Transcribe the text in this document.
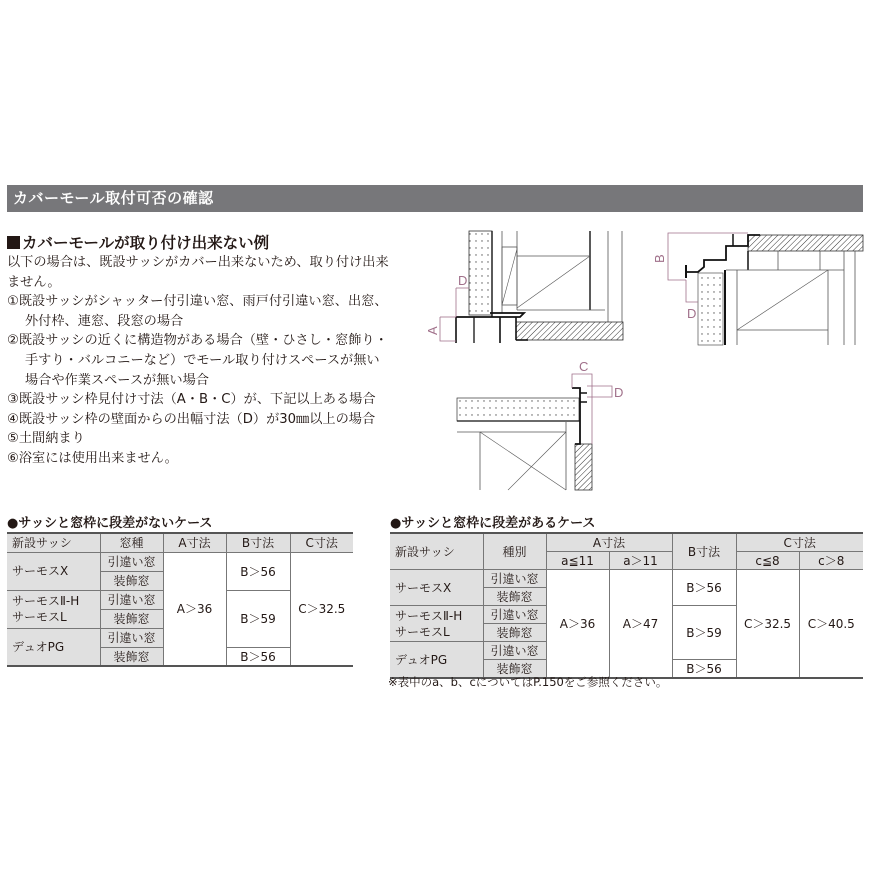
カバーモール取付可否の確認
カバーモールが取り付け出来ない例

以下の場合は、既設サッシがカバー出来ないため、取り付け出来ません。

①既設サッシがシャッター付引違い窓、雨戸付引違い窓、出窓、外付枠、連窓、段窓の場合

②既設サッシの近くに構造物がある場合（壁・ひさし・窓飾り・手すり・バルコニーなど）でモール取り付けスペースが無い場合や作業スペースが無い場合

③既設サッシ枠見付け寸法（A・B・C）が、下記以上ある場合

④既設サッシ枠の壁面からの出幅寸法（D）が30㎜以上の場合

⑤土間納まり

⑥浴室には使用出来ません。

D
A
B
D
C
D
●サッシと窓枠に段差がないケース
新設サッシ	窓種	A寸法	B寸法	C寸法
サーモスX	引違い窓	A＞36	B＞56	C＞32.5
	装飾窓			
サーモスⅡ-H
サーモスL	引違い窓		B＞59	
	装飾窓			
デュオPG	引違い窓			
	装飾窓		B＞56	
●サッシと窓枠に段差があるケース
新設サッシ	種別	A寸法		B寸法	C寸法	
		a≦11	a＞11		c≦8	c＞8
サーモスX	引違い窓	A＞36	A＞47	B＞56	C＞32.5	C＞40.5
	装飾窓					
サーモスⅡ-H
サーモスL	引違い窓			B＞59		
	装飾窓					
デュオPG	引違い窓					
	装飾窓			B＞56		
※表中のa、b、cについてはP.150をご参照ください。
